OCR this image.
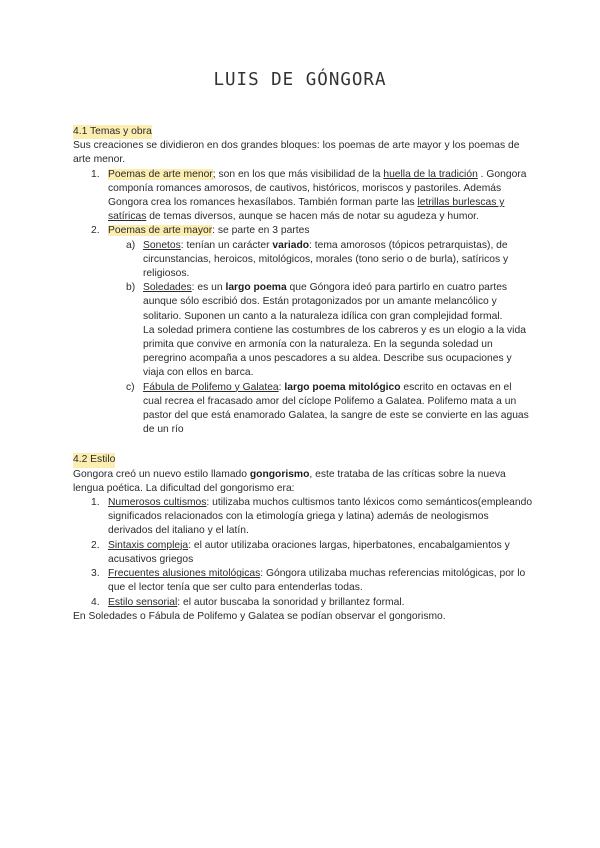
LUIS DE GÓNGORA
4.1 Temas y obra

Sus creaciones se dividieron en dos grandes bloques: los poemas de arte mayor y los poemas de arte menor.

1. Poemas de arte menor; son en los que más visibilidad de la huella de la tradición . Gongora componía romances amorosos, de cautivos, históricos, moriscos y pastoriles. Además Gongora crea los romances hexasílabos. También forman parte las letrillas burlescas y satíricas de temas diversos, aunque se hacen más de notar su agudeza y humor.
2. Poemas de arte mayor: se parte en 3 partes
a) Sonetos: tenían un carácter variado: tema amorosos (tópicos petrarquistas), de circunstancias, heroicos, mitológicos, morales (tono serio o de burla), satíricos y religiosos.
b) Soledades: es un largo poema que Góngora ideó para partirlo en cuatro partes aunque sólo escribió dos. Están protagonizados por un amante melancólico y solitario. Suponen un canto a la naturaleza idílica con gran complejidad formal.

La soledad primera contiene las costumbres de los cabreros y es un elogio a la vida primita que convive en armonía con la naturaleza. En la segunda soledad un peregrino acompaña a unos pescadores a su aldea. Describe sus ocupaciones y viaja con ellos en barca.

c) Fábula de Polifemo y Galatea: largo poema mitológico escrito en octavas en el cual recrea el fracasado amor del cíclope Polifemo a Galatea. Polifemo mata a un pastor del que está enamorado Galatea, la sangre de este se convierte en las aguas de un río
4.2 Estilo

Gongora creó un nuevo estilo llamado gongorismo, este trataba de las críticas sobre la nueva lengua poética. La dificultad del gongorismo era:

1. Numerosos cultismos: utilizaba muchos cultismos tanto léxicos como semánticos(empleando significados relacionados con la etimología griega y latina) además de neologismos derivados del italiano y el latín.
2. Sintaxis compleja: el autor utilizaba oraciones largas, hiperbatones, encabalgamientos y acusativos griegos
3. Frecuentes alusiones mitológicas: Góngora utilizaba muchas referencias mitológicas, por lo que el lector tenía que ser culto para entenderlas todas.
4. Estilo sensorial: el autor buscaba la sonoridad y brillantez formal.

En Soledades o Fábula de Polifemo y Galatea se podían observar el gongorismo.
